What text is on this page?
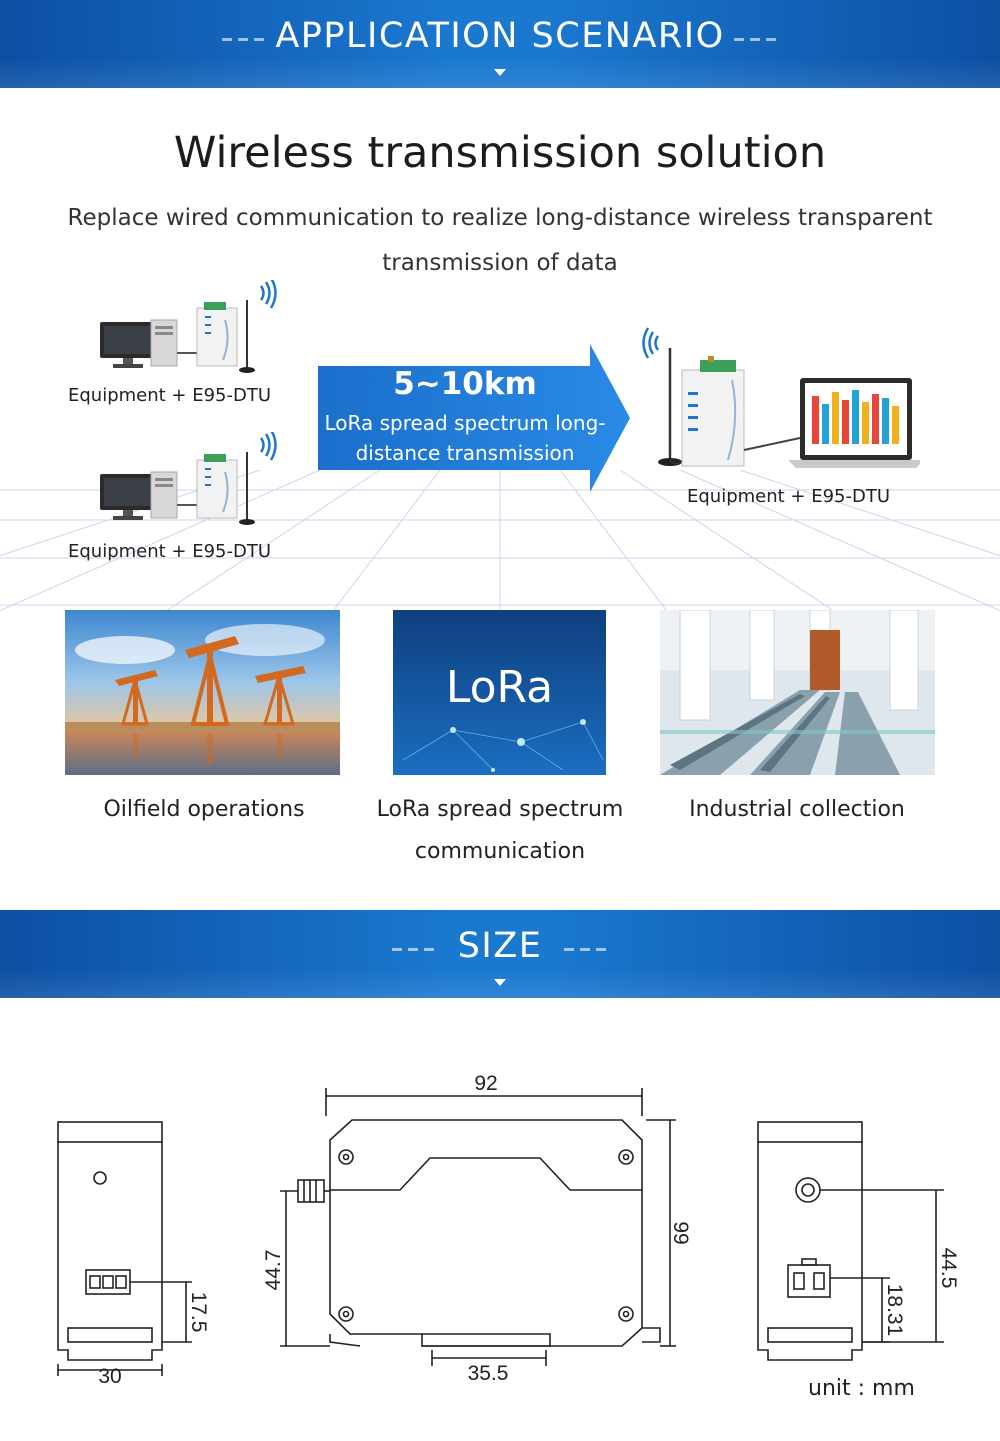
APPLICATION SCENARIO
Wireless transmission solution
Replace wired communication to realize long-distance wireless transparent transmission of data
Equipment + E95-DTU
Equipment + E95-DTU
5~10km
LoRa spread spectrum long-distance transmission
Equipment + E95-DTU
LoRa
Oilfield operations	LoRa spread spectrum communication
Industrial collection
SIZE
30
17.5
92
99
44.7
35.5
18.31
44.5
unit : mm
